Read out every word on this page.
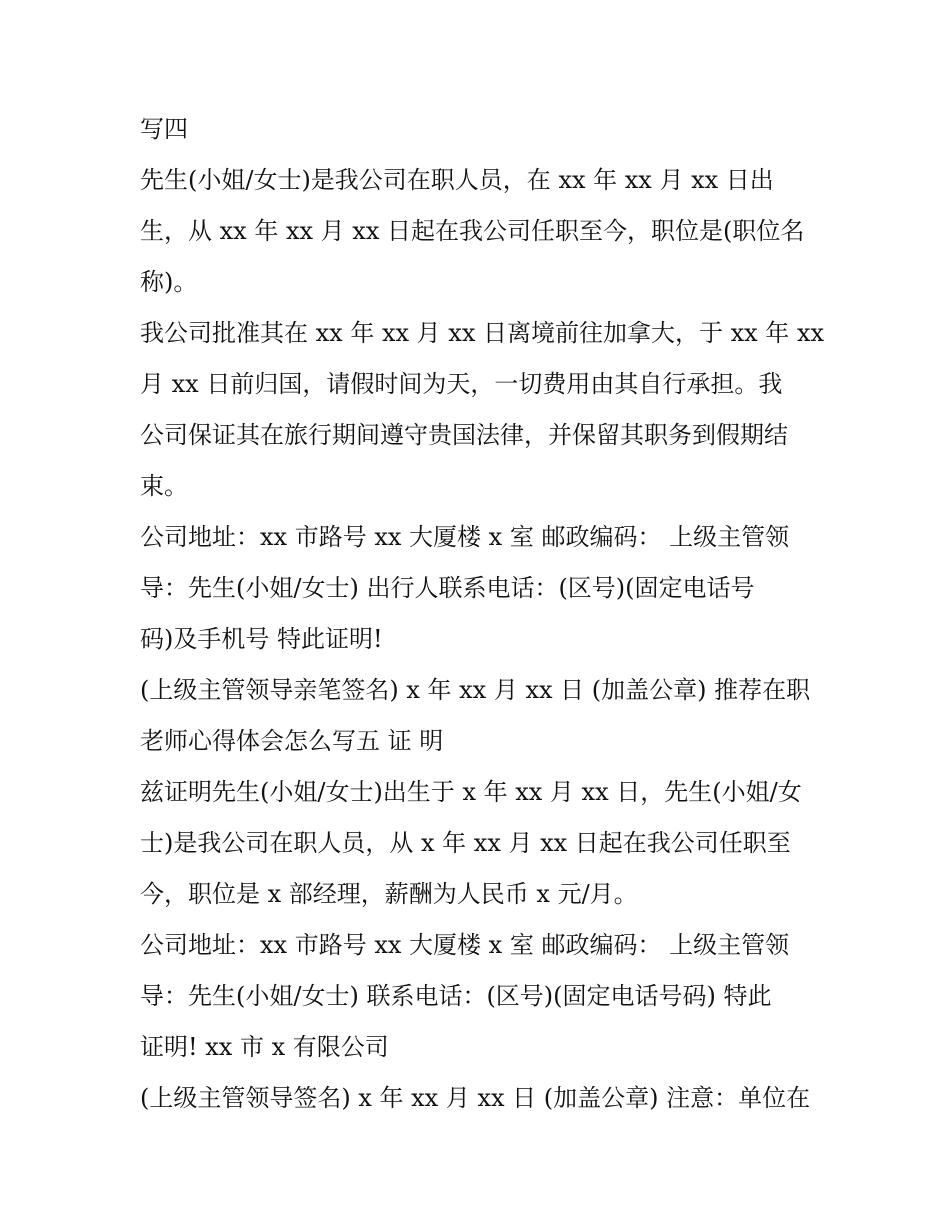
写四
先生(小姐/女士)是我公司在职人员，在 xx 年 xx 月 xx 日出
生，从 xx 年 xx 月 xx 日起在我公司任职至今，职位是(职位名
称)。
我公司批准其在 xx 年 xx 月 xx 日离境前往加拿大，于 xx 年 xx
月 xx 日前归国，请假时间为天，一切费用由其自行承担。我
公司保证其在旅行期间遵守贵国法律，并保留其职务到假期结
束。
公司地址：xx 市路号 xx 大厦楼 x 室 邮政编码： 上级主管领
导：先生(小姐/女士) 出行人联系电话：(区号)(固定电话号
码)及手机号 特此证明!
(上级主管领导亲笔签名) x 年 xx 月 xx 日 (加盖公章) 推荐在职
老师心得体会怎么写五 证 明
兹证明先生(小姐/女士)出生于 x 年 xx 月 xx 日，先生(小姐/女
士)是我公司在职人员，从 x 年 xx 月 xx 日起在我公司任职至
今，职位是 x 部经理，薪酬为人民币 x 元/月。
公司地址：xx 市路号 xx 大厦楼 x 室 邮政编码： 上级主管领
导：先生(小姐/女士) 联系电话：(区号)(固定电话号码) 特此
证明! xx 市 x 有限公司
(上级主管领导签名) x 年 xx 月 xx 日 (加盖公章) 注意：单位在
